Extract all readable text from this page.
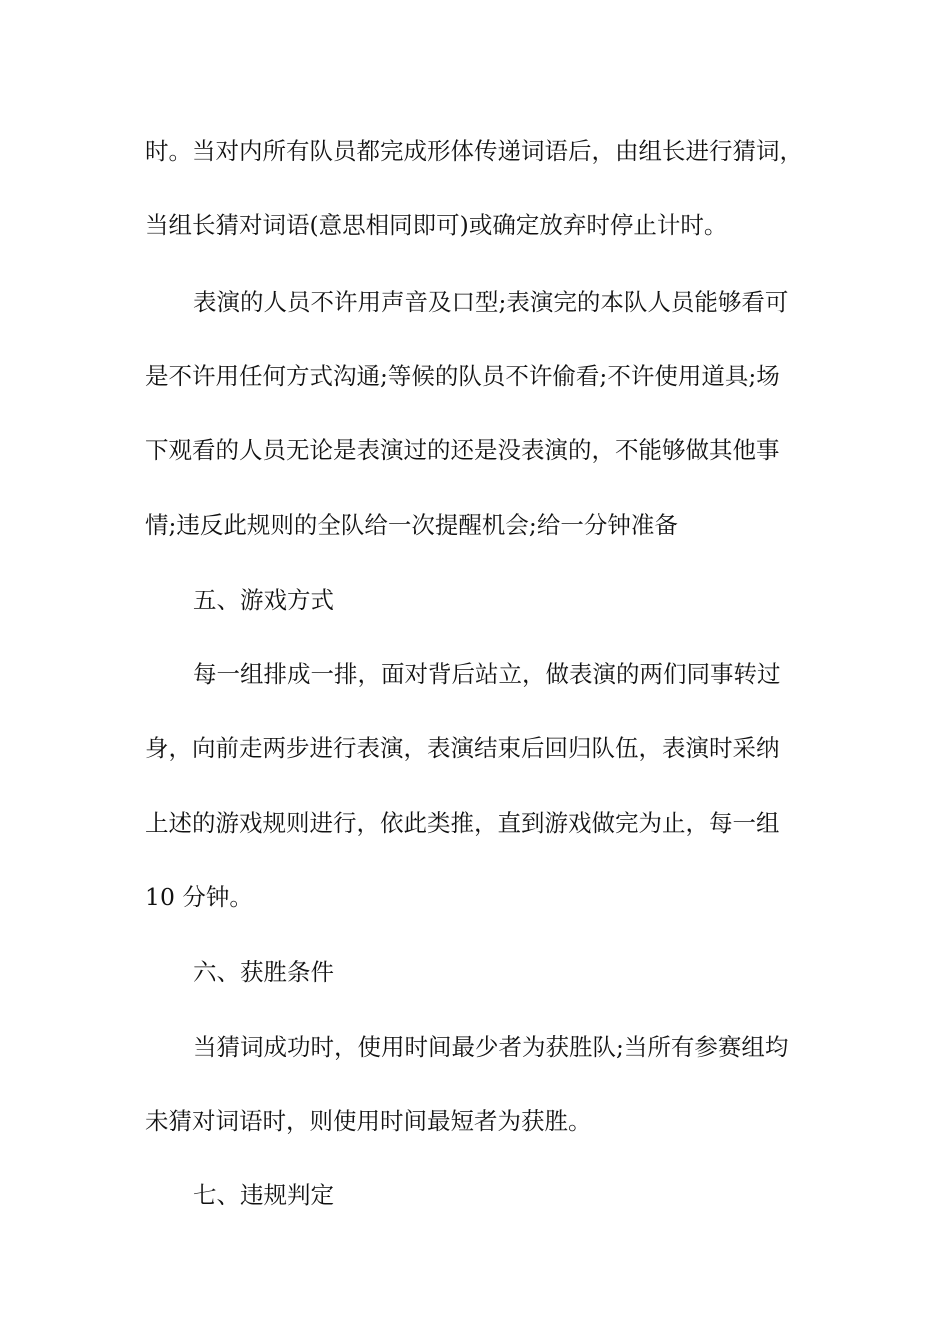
时。当对内所有队员都完成形体传递词语后，由组长进行猜词，

当组长猜对词语(意思相同即可)或确定放弃时停止计时。

表演的人员不许用声音及口型;表演完的本队人员能够看可

是不许用任何方式沟通;等候的队员不许偷看;不许使用道具;场

下观看的人员无论是表演过的还是没表演的，不能够做其他事

情;违反此规则的全队给一次提醒机会;给一分钟准备

五、游戏方式

每一组排成一排，面对背后站立，做表演的两们同事转过

身，向前走两步进行表演，表演结束后回归队伍，表演时采纳

上述的游戏规则进行，依此类推，直到游戏做完为止，每一组

10 分钟。

六、获胜条件

当猜词成功时，使用时间最少者为获胜队;当所有参赛组均

未猜对词语时，则使用时间最短者为获胜。

七、违规判定
